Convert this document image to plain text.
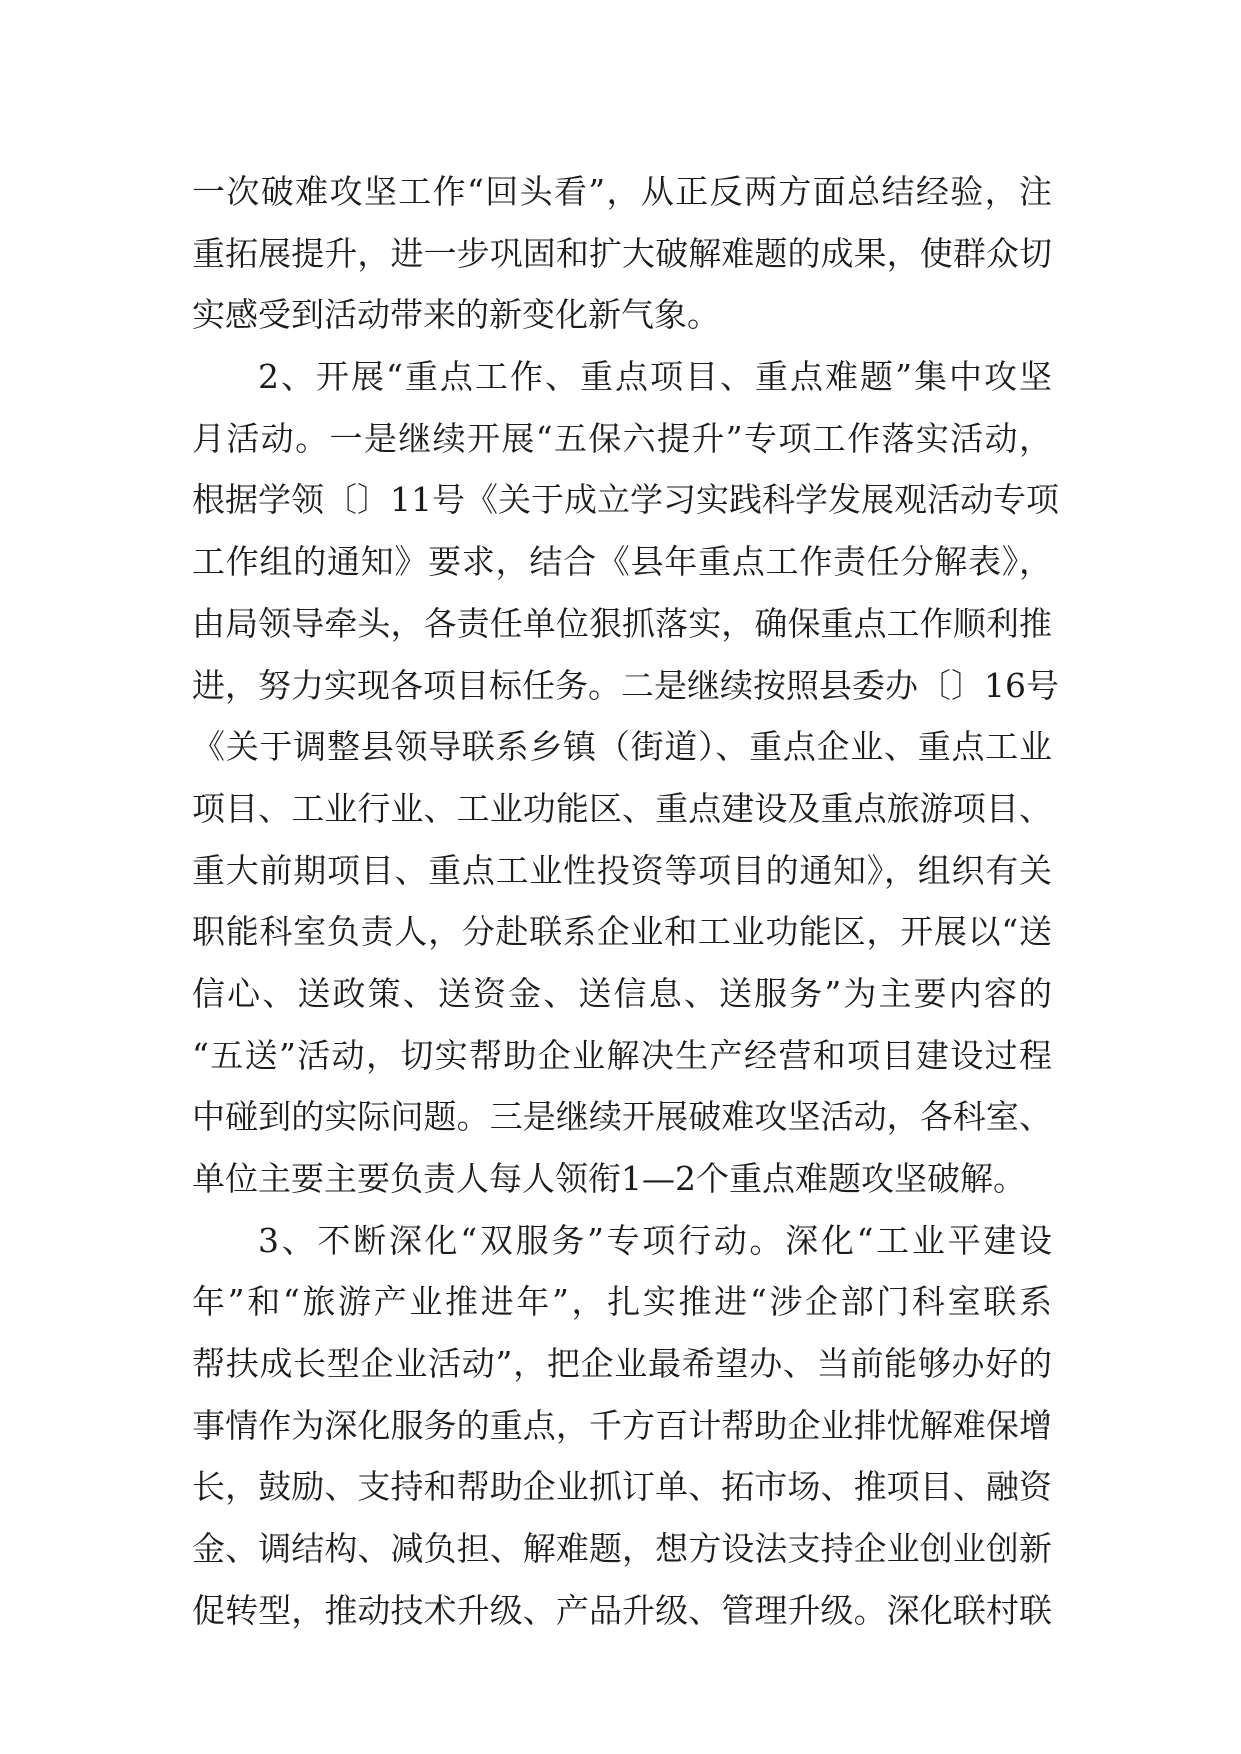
一次破难攻坚工作“回头看”，从正反两方面总结经验，注
重拓展提升，进一步巩固和扩大破解难题的成果，使群众切
实感受到活动带来的新变化新气象。
2、开展“重点工作、重点项目、重点难题”集中攻坚
月活动。一是继续开展“五保六提升”专项工作落实活动，
根据学领〔〕11号《关于成立学习实践科学发展观活动专项
工作组的通知》要求，结合《县年重点工作责任分解表》，
由局领导牵头，各责任单位狠抓落实，确保重点工作顺利推
进，努力实现各项目标任务。二是继续按照县委办〔〕16号
《关于调整县领导联系乡镇（街道）、重点企业、重点工业
项目、工业行业、工业功能区、重点建设及重点旅游项目、
重大前期项目、重点工业性投资等项目的通知》，组织有关
职能科室负责人，分赴联系企业和工业功能区，开展以“送
信心、送政策、送资金、送信息、送服务”为主要内容的
“五送”活动，切实帮助企业解决生产经营和项目建设过程
中碰到的实际问题。三是继续开展破难攻坚活动，各科室、
单位主要主要负责人每人领衔1—2个重点难题攻坚破解。
3、不断深化“双服务”专项行动。深化“工业平建设
年”和“旅游产业推进年”，扎实推进“涉企部门科室联系
帮扶成长型企业活动”，把企业最希望办、当前能够办好的
事情作为深化服务的重点，千方百计帮助企业排忧解难保增
长，鼓励、支持和帮助企业抓订单、拓市场、推项目、融资
金、调结构、减负担、解难题，想方设法支持企业创业创新
促转型，推动技术升级、产品升级、管理升级。深化联村联
